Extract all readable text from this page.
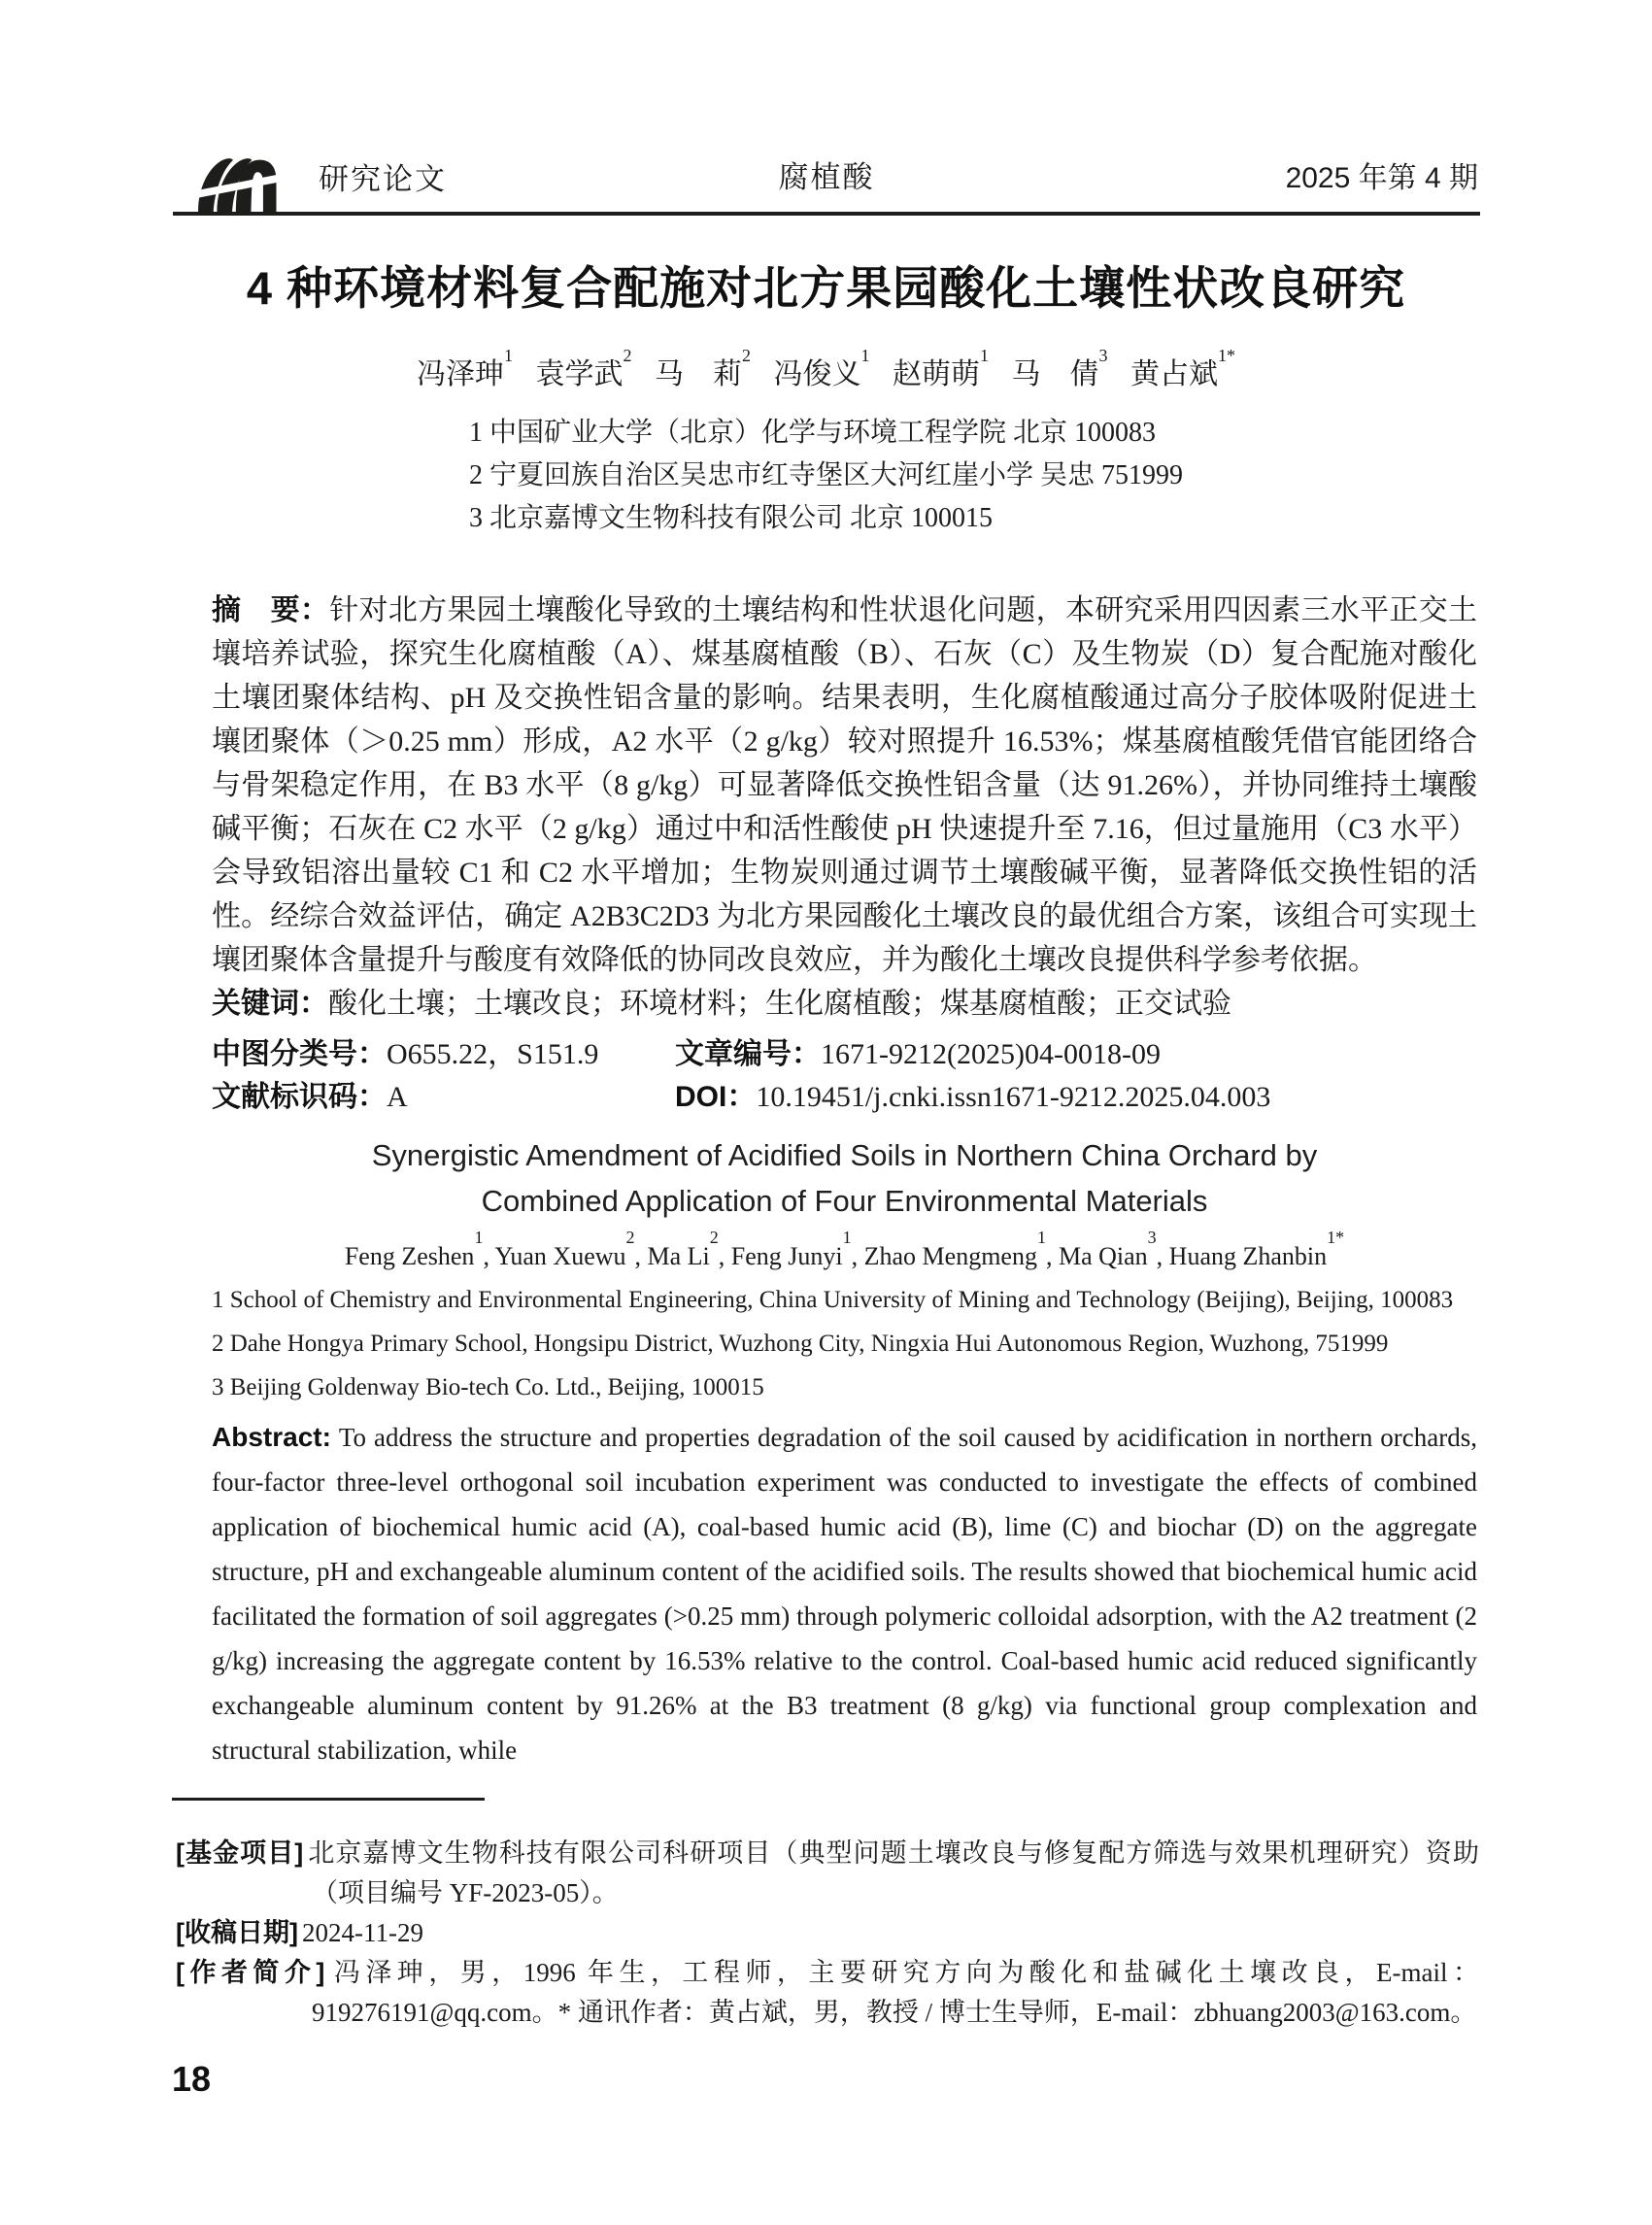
研究论文	腐植酸	2025 年第 4 期
4 种环境材料复合配施对北方果园酸化土壤性状改良研究
冯泽珅$^1$ 袁学武$^2$ 马　莉$^2$ 冯俊义$^1$ 赵萌萌$^1$ 马　倩$^3$ 黄占斌$^{1*}$
1 中国矿业大学（北京）化学与环境工程学院 北京 100083
2 宁夏回族自治区吴忠市红寺堡区大河红崖小学 吴忠 751999
3 北京嘉博文生物科技有限公司 北京 100015

摘　要：针对北方果园土壤酸化导致的土壤结构和性状退化问题，本研究采用四因素三水平正交土壤培养试验，探究生化腐植酸（A）、煤基腐植酸（B）、石灰（C）及生物炭（D）复合配施对酸化土壤团聚体结构、pH 及交换性铝含量的影响。结果表明，生化腐植酸通过高分子胶体吸附促进土壤团聚体（＞0.25 mm）形成，A2 水平（2 g/kg）较对照提升 16.53%；煤基腐植酸凭借官能团络合与骨架稳定作用，在 B3 水平（8 g/kg）可显著降低交换性铝含量（达 91.26%），并协同维持土壤酸碱平衡；石灰在 C2 水平（2 g/kg）通过中和活性酸使 pH 快速提升至 7.16，但过量施用（C3 水平）会导致铝溶出量较 C1 和 C2 水平增加；生物炭则通过调节土壤酸碱平衡，显著降低交换性铝的活性。经综合效益评估，确定 A2B3C2D3 为北方果园酸化土壤改良的最优组合方案，该组合可实现土壤团聚体含量提升与酸度有效降低的协同改良效应，并为酸化土壤改良提供科学参考依据。

关键词：酸化土壤；土壤改良；环境材料；生化腐植酸；煤基腐植酸；正交试验

中图分类号：O655.22，S151.9	文章编号：1671-9212(2025)04-0018-09
文献标识码：A	DOI：10.19451/j.cnki.issn1671-9212.2025.04.003
Synergistic Amendment of Acidified Soils in Northern China Orchard by
Combined Application of Four Environmental Materials
Feng Zeshen$^1$ , Yuan Xuewu$^2$ , Ma Li$^2$ , Feng Junyi$^1$ , Zhao Mengmeng$^1$ , Ma Qian$^3$ , Huang Zhanbin$^{1*}$
1 School of Chemistry and Environmental Engineering, China University of Mining and Technology (Beijing), Beijing, 100083
2 Dahe Hongya Primary School, Hongsipu District, Wuzhong City, Ningxia Hui Autonomous Region, Wuzhong, 751999
3 Beijing Goldenway Bio-tech Co. Ltd., Beijing, 100015

Abstract: To address the structure and properties degradation of the soil caused by acidification in northern orchards, four-factor three-level orthogonal soil incubation experiment was conducted to investigate the effects of combined application of biochemical humic acid (A), coal-based humic acid (B), lime (C) and biochar (D) on the aggregate structure, pH and exchangeable aluminum content of the acidified soils. The results showed that biochemical humic acid facilitated the formation of soil aggregates (>0.25 mm) through polymeric colloidal adsorption, with the A2 treatment (2 g/kg) increasing the aggregate content by 16.53% relative to the control. Coal-based humic acid reduced significantly exchangeable aluminum content by 91.26% at the B3 treatment (8 g/kg) via functional group complexation and structural stabilization, while

[基金项目] 北京嘉博文生物科技有限公司科研项目（典型问题土壤改良与修复配方筛选与效果机理研究）资助（项目编号 YF-2023-05）。

[收稿日期] 2024-11-29

[作者简介] 冯泽珅，男，1996 年生，工程师，主要研究方向为酸化和盐碱化土壤改良，E-mail：919276191@qq.com。* 通讯作者：黄占斌，男，教授 / 博士生导师，E-mail：zbhuang2003@163.com。

18
